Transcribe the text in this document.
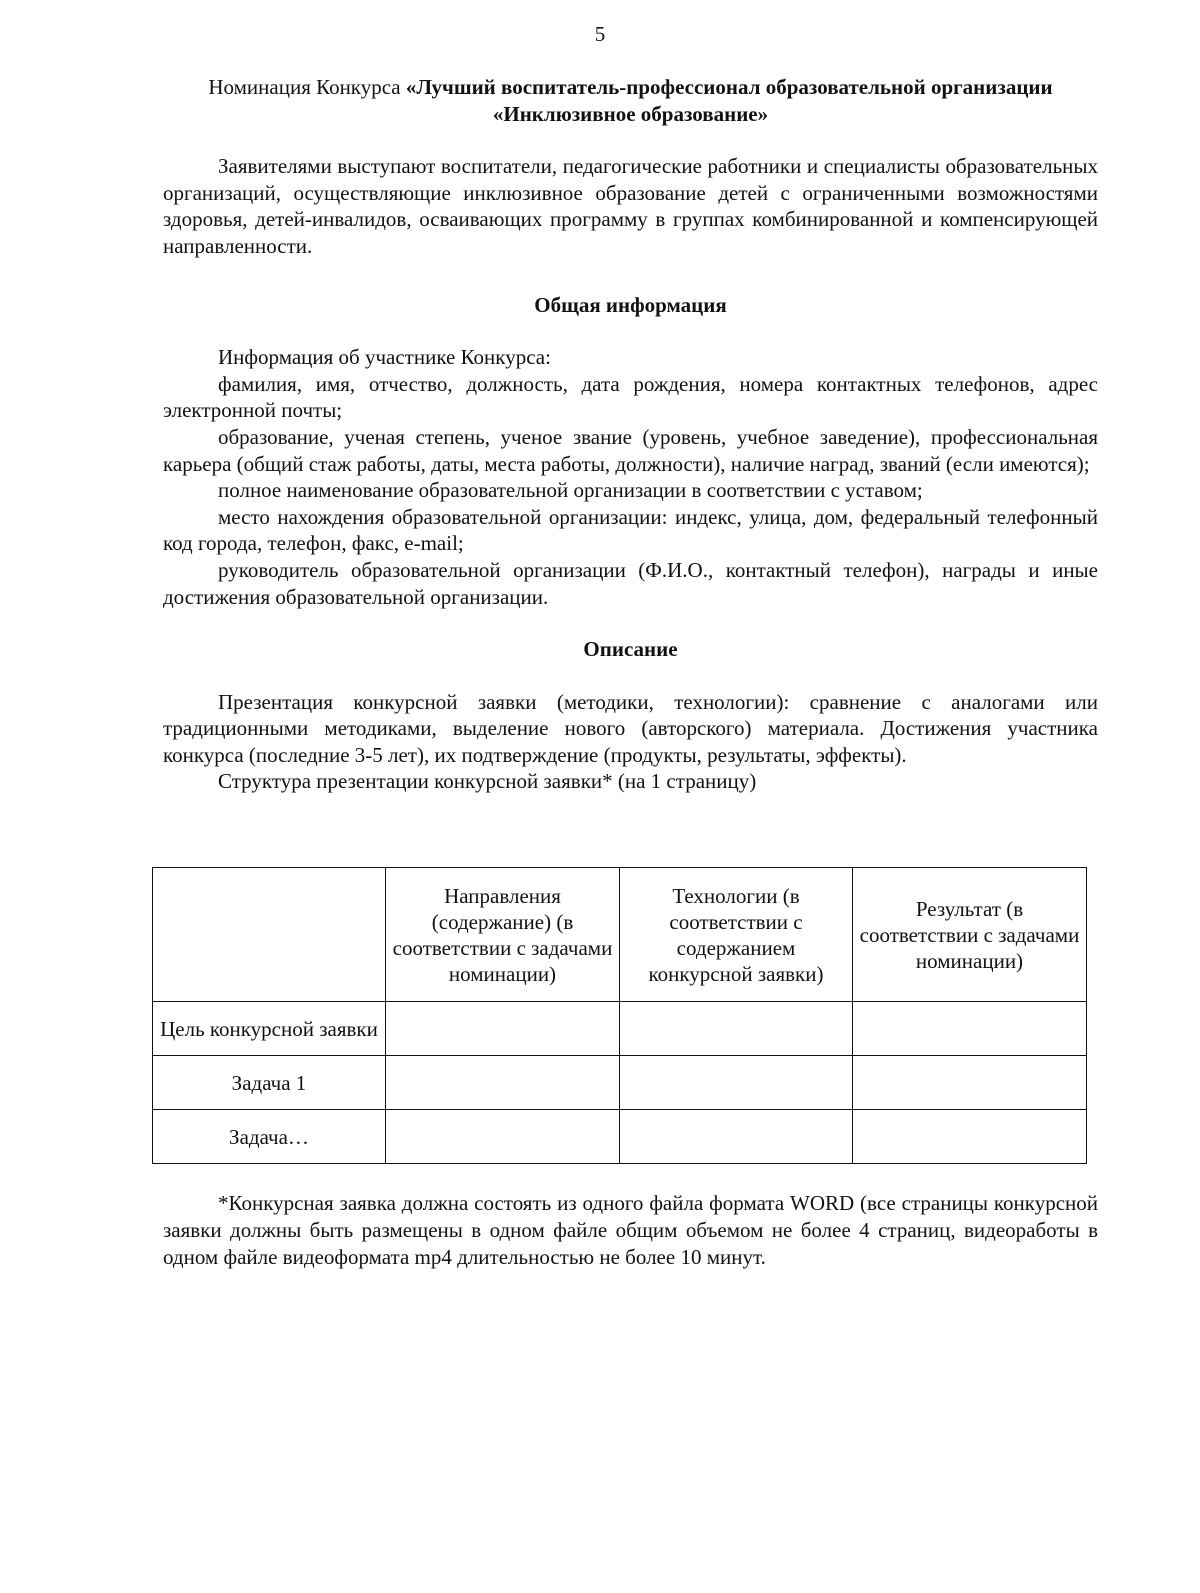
5

Номинация Конкурса «Лучший воспитатель-профессионал образовательной организации «Инклюзивное образование»

Заявителями выступают воспитатели, педагогические работники и специалисты образовательных организаций, осуществляющие инклюзивное образование детей с ограниченными возможностями здоровья, детей-инвалидов, осваивающих программу в группах комбинированной и компенсирующей направленности.

Общая информация

Информация об участнике Конкурса:

фамилия, имя, отчество, должность, дата рождения, номера контактных телефонов, адрес электронной почты;

образование, ученая степень, ученое звание (уровень, учебное заведение), профессиональная карьера (общий стаж работы, даты, места работы, должности), наличие наград, званий (если имеются);

полное наименование образовательной организации в соответствии с уставом;

место нахождения образовательной организации: индекс, улица, дом, федеральный телефонный код города, телефон, факс, e-mail;

руководитель образовательной организации (Ф.И.О., контактный телефон), награды и иные достижения образовательной организации.

Описание

Презентация конкурсной заявки (методики, технологии): сравнение с аналогами или традиционными методиками, выделение нового (авторского) материала. Достижения участника конкурса (последние 3-5 лет), их подтверждение (продукты, результаты, эффекты).

Структура презентации конкурсной заявки* (на 1 страницу)

	Направления (содержание) (в соответствии с задачами номинации)	Технологии (в соответствии с содержанием конкурсной заявки)	Результат (в соответствии с задачами номинации)
Цель конкурсной заявки			
Задача 1			
Задача…			

*Конкурсная заявка должна состоять из одного файла формата WORD (все страницы конкурсной заявки должны быть размещены в одном файле общим объемом не более 4 страниц, видеоработы в одном файле видеоформата mp4 длительностью не более 10 минут.
